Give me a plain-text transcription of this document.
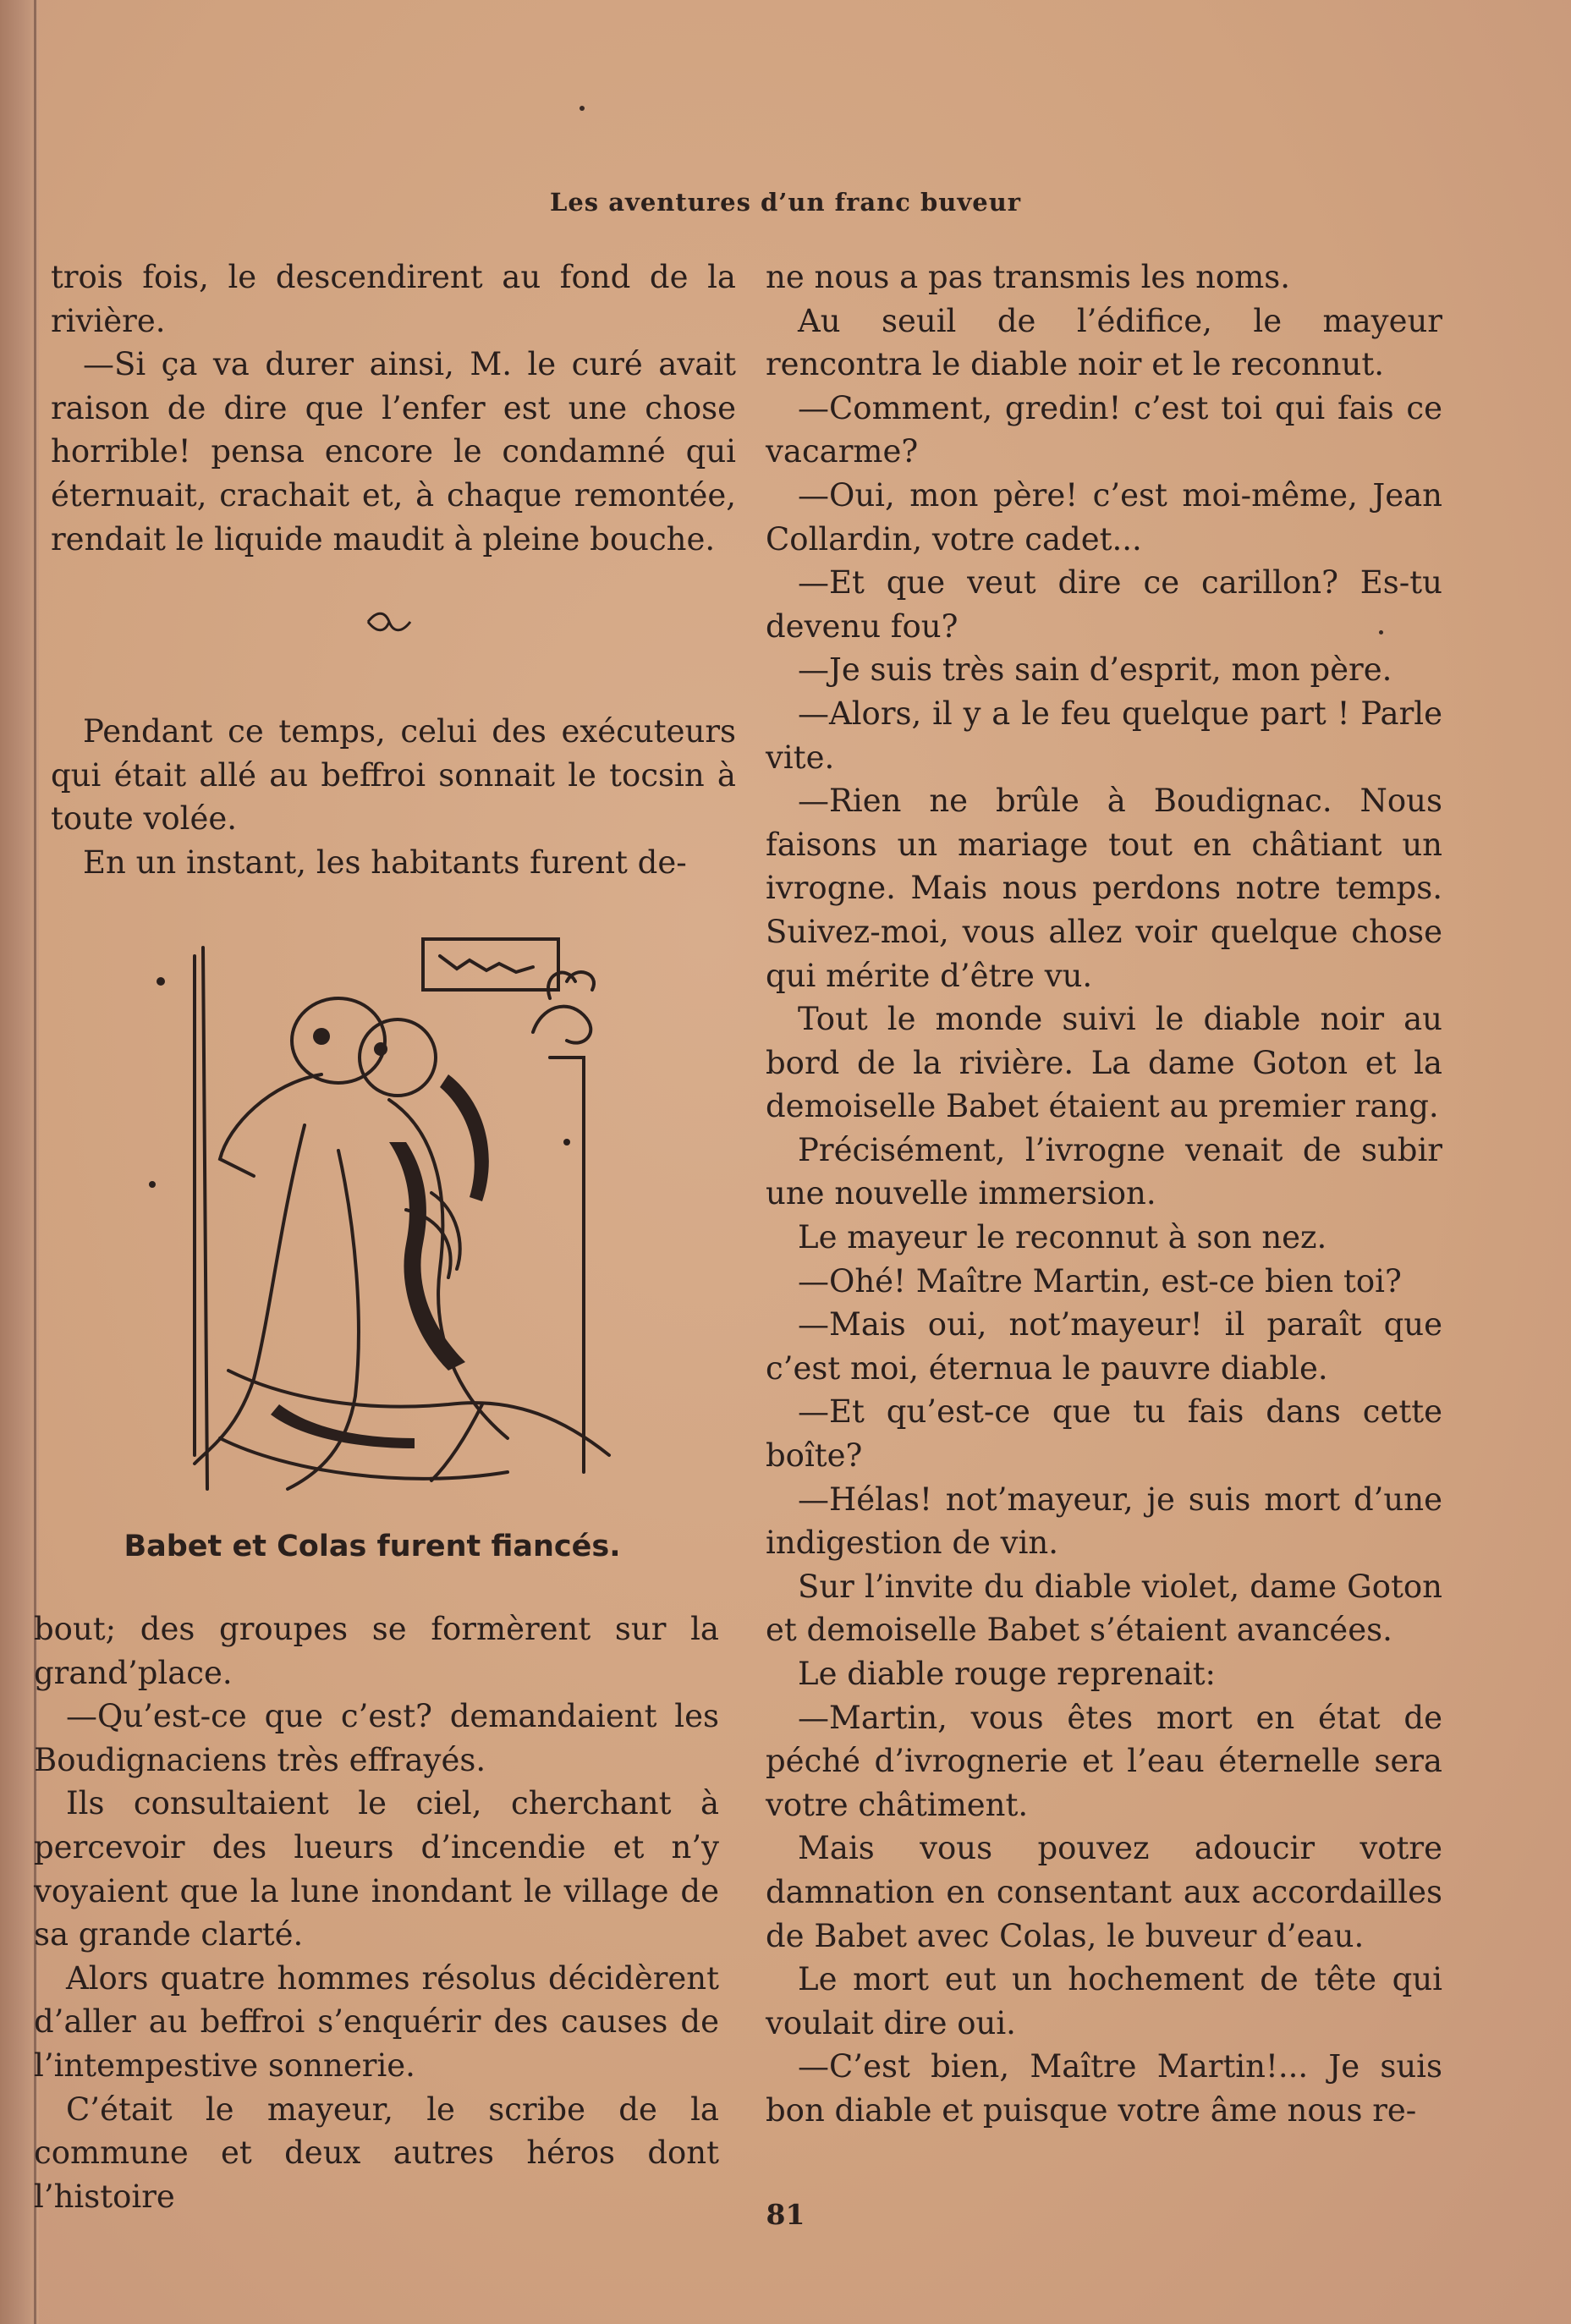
Les aventures d’un franc buveur

trois fois, le descendirent au fond de la rivière.

—Si ça va durer ainsi, M. le curé avait raison de dire que l’enfer est une chose horrible! pensa encore le condamné qui éternuait, crachait et, à chaque remontée, rendait le liquide maudit à pleine bouche.

Pendant ce temps, celui des exécuteurs qui était allé au beffroi sonnait le tocsin à toute volée.

En un instant, les habitants furent de-

Babet et Colas furent fiancés.

bout; des groupes se formèrent sur la grand’place.

—Qu’est-ce que c’est? demandaient les Boudignaciens très effrayés.

Ils consultaient le ciel, cherchant à percevoir des lueurs d’incendie et n’y voyaient que la lune inondant le village de sa grande clarté.

Alors quatre hommes résolus décidèrent d’aller au beffroi s’enquérir des causes de l’intempestive sonnerie.

C’était le mayeur, le scribe de la commune et deux autres héros dont l’histoire

ne nous a pas transmis les noms.

Au seuil de l’édifice, le mayeur rencontra le diable noir et le reconnut.

—Comment, gredin! c’est toi qui fais ce vacarme?

—Oui, mon père! c’est moi-même, Jean Collardin, votre cadet...

—Et que veut dire ce carillon? Es-tu devenu fou?

—Je suis très sain d’esprit, mon père.

—Alors, il y a le feu quelque part ! Parle vite.

—Rien ne brûle à Boudignac. Nous faisons un mariage tout en châtiant un ivrogne. Mais nous perdons notre temps. Suivez-moi, vous allez voir quelque chose qui mérite d’être vu.

Tout le monde suivi le diable noir au bord de la rivière. La dame Goton et la demoiselle Babet étaient au premier rang.

Précisément, l’ivrogne venait de subir une nouvelle immersion.

Le mayeur le reconnut à son nez.

—Ohé! Maître Martin, est-ce bien toi?

—Mais oui, not’mayeur! il paraît que c’est moi, éternua le pauvre diable.

—Et qu’est-ce que tu fais dans cette boîte?

—Hélas! not’mayeur, je suis mort d’une indigestion de vin.

Sur l’invite du diable violet, dame Goton et demoiselle Babet s’étaient avancées.

Le diable rouge reprenait:

—Martin, vous êtes mort en état de péché d’ivrognerie et l’eau éternelle sera votre châtiment.

Mais vous pouvez adoucir votre damnation en consentant aux accordailles de Babet avec Colas, le buveur d’eau.

Le mort eut un hochement de tête qui voulait dire oui.

—C’est bien, Maître Martin!... Je suis bon diable et puisque votre âme nous re-

81
